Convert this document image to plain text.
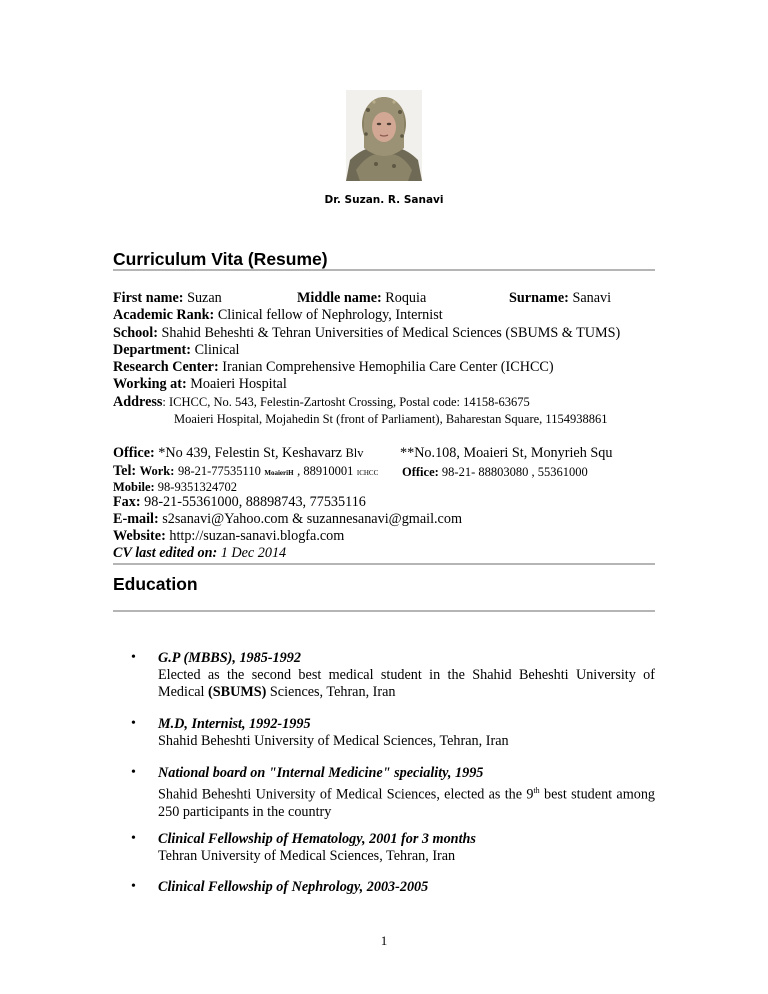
Dr. Suzan. R. Sanavi
Curriculum Vita (Resume)
First name: Suzan	Middle name: Roquia	Surname: Sanavi
Academic Rank: Clinical fellow of Nephrology, Internist
School: Shahid Beheshti & Tehran Universities of Medical Sciences (SBUMS & TUMS)
Department: Clinical
Research Center: Iranian Comprehensive Hemophilia Care Center (ICHCC)
Working at: Moaieri Hospital
Address: ICHCC, No. 543, Felestin-Zartosht Crossing, Postal code: 14158-63675
Moaieri Hospital, Mojahedin St (front of Parliament), Baharestan Square, 1154938861
Office: *No 439, Felestin St, Keshavarz Blv	**No.108, Moaieri St, Monyrieh Squ
Tel: Work: 98-21-77535110 MoaieriH , 88910001 ICHCC Office: 98-21- 88803080 , 55361000
Mobile: 98-9351324702
Fax: 98-21-55361000, 88898743, 77535116
E-mail: s2sanavi@Yahoo.com & suzannesanavi@gmail.com
Website: http://suzan-sanavi.blogfa.com
CV last edited on: 1 Dec 2014
Education
• G.P (MBBS), 1985-1992
Elected as the second best medical student in the Shahid Beheshti University of Medical (SBUMS) Sciences, Tehran, Iran
• M.D, Internist, 1992-1995
Shahid Beheshti University of Medical Sciences, Tehran, Iran
• National board on "Internal Medicine" speciality, 1995
Shahid Beheshti University of Medical Sciences, elected as the 9th best student among 250 participants in the country
• Clinical Fellowship of Hematology, 2001 for 3 months
Tehran University of Medical Sciences, Tehran, Iran
• Clinical Fellowship of Nephrology, 2003-2005
1
